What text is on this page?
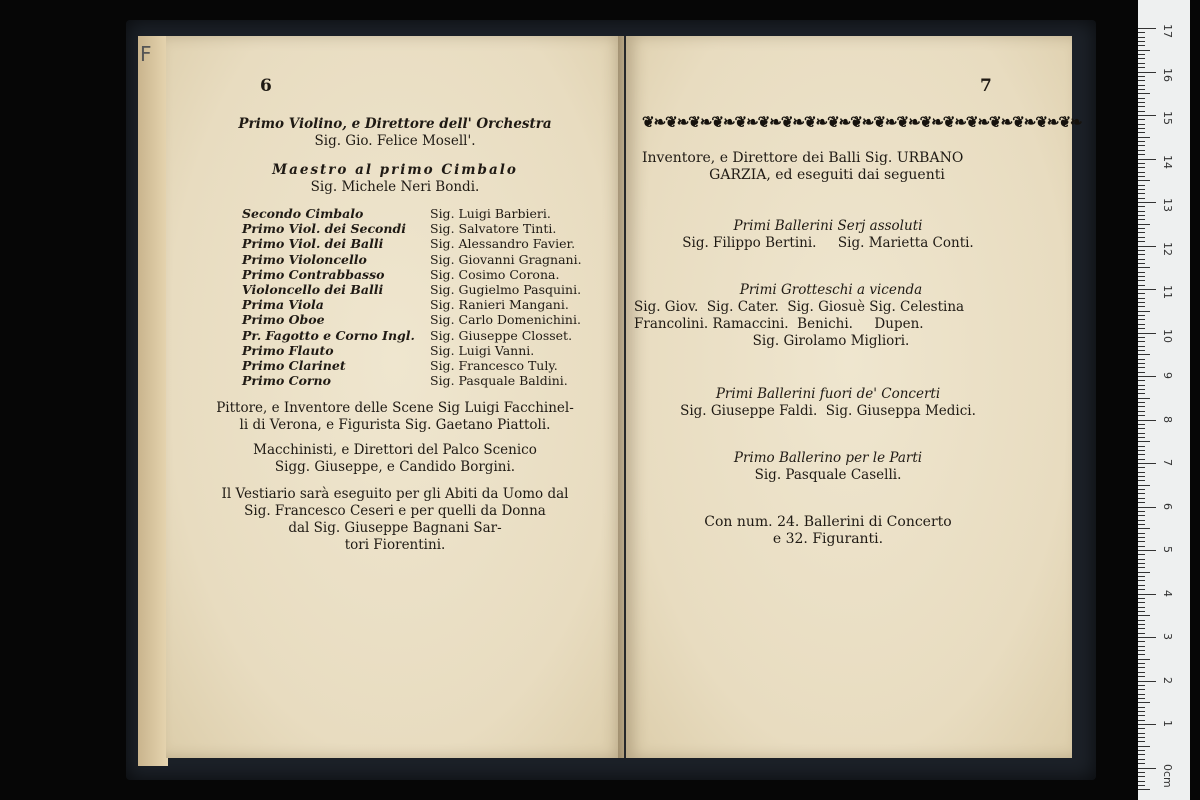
F
6
Primo Violino, e Direttore dell' Orchestra
Sig. Gio. Felice Mosell'.
Maestro al primo Cimbalo
Sig. Michele Neri Bondi.
Secondo Cimbalo	Sig. Luigi Barbieri.
Primo Viol. dei Secondi	Sig. Salvatore Tinti.
Primo Viol. dei Balli	Sig. Alessandro Favier.
Primo Violoncello	Sig. Giovanni Gragnani.
Primo Contrabbasso	Sig. Cosimo Corona.
Violoncello dei Balli	Sig. Gugielmo Pasquini.
Prima Viola	Sig. Ranieri Mangani.
Primo Oboe	Sig. Carlo Domenichini.
Pr. Fagotto e Corno Ingl.	Sig. Giuseppe Closset.
Primo Flauto	Sig. Luigi Vanni.
Primo Clarinet	Sig. Francesco Tuly.
Primo Corno	Sig. Pasquale Baldini.
Pittore, e Inventore delle Scene Sig Luigi Facchinel-
li di Verona, e Figurista Sig. Gaetano Piattoli.
Macchinisti, e Direttori del Palco Scenico
Sigg. Giuseppe, e Candido Borgini.
Il Vestiario sarà eseguito per gli Abiti da Uomo dal
Sig. Francesco Ceseri e per quelli da Donna
dal Sig. Giuseppe Bagnani Sar-
tori Fiorentini.
7
❦❧❦❧❦❧❦❧❦❧❦❧❦❧❦❧❦❧❦❧❦❧❦❧❦❧❦❧❦❧❦❧❦❧❦❧❦❧
Inventore, e Direttore dei Balli Sig. URBANO
GARZIA, ed eseguiti dai seguenti
Primi Ballerini Serj assoluti
Sig. Filippo Bertini.     Sig. Marietta Conti.
Primi Grotteschi a vicenda
Sig. Giov.  Sig. Cater.  Sig. Giosuè Sig. Celestina
Francolini. Ramaccini.  Benichi.     Dupen.
Sig. Girolamo Migliori.
Primi Ballerini fuori de' Concerti
Sig. Giuseppe Faldi.  Sig. Giuseppa Medici.
Primo Ballerino per le Parti
Sig. Pasquale Caselli.
Con num. 24. Ballerini di Concerto
e 32. Figuranti.
17
16
15
14
13
12
11
10
9
8
7
6
5
4
3
2
1
0cm
